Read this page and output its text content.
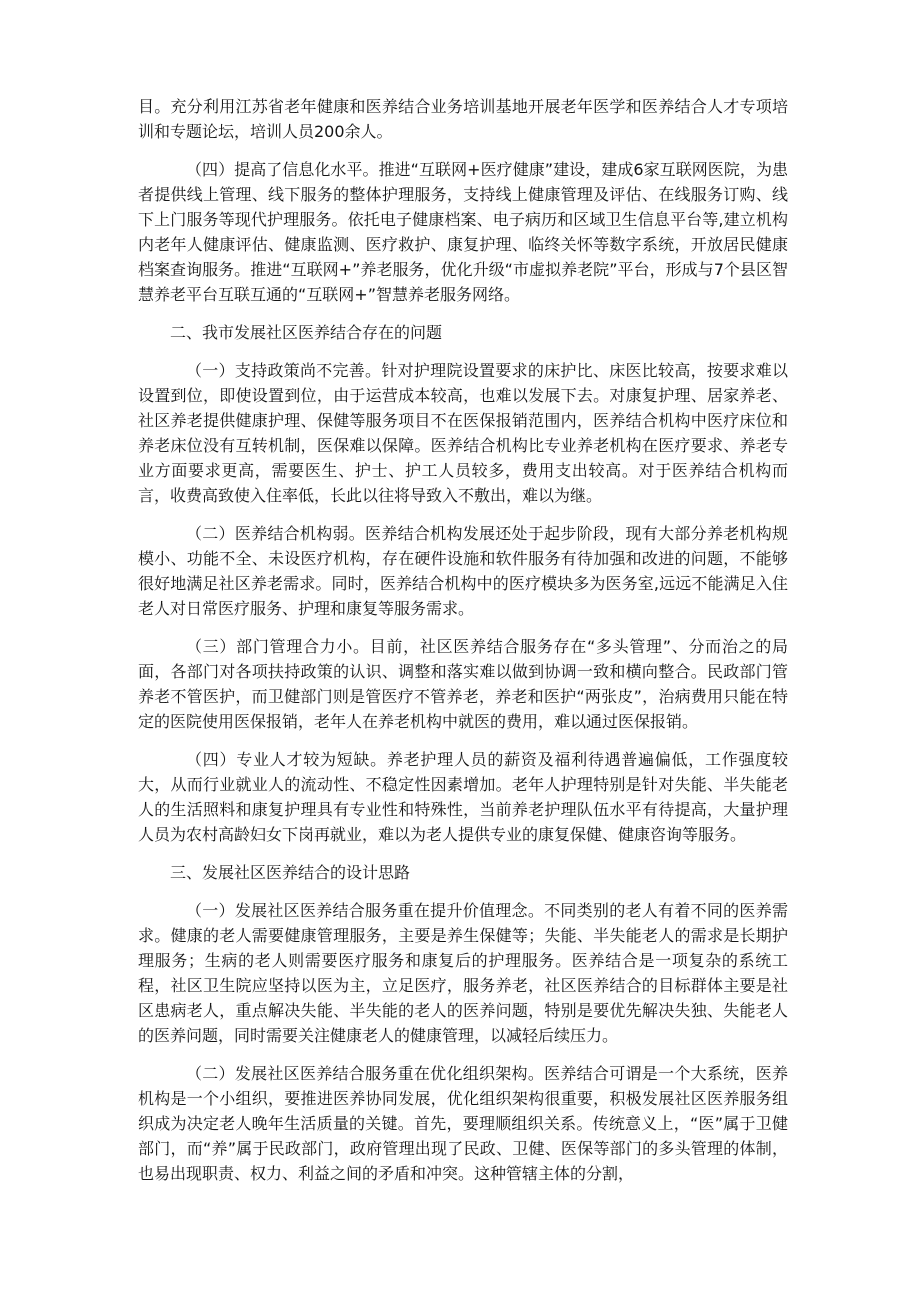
目。充分利用江苏省老年健康和医养结合业务培训基地开展老年医学和医养结合人才专项培训和专题论坛，培训人员200余人。

（四）提高了信息化水平。推进“互联网+医疗健康”建设，建成6家互联网医院，为患者提供线上管理、线下服务的整体护理服务，支持线上健康管理及评估、在线服务订购、线下上门服务等现代护理服务。依托电子健康档案、电子病历和区域卫生信息平台等,建立机构内老年人健康评估、健康监测、医疗救护、康复护理、临终关怀等数字系统，开放居民健康档案查询服务。推进“互联网+”养老服务，优化升级“市虚拟养老院”平台，形成与7个县区智慧养老平台互联互通的“互联网+”智慧养老服务网络。

二、我市发展社区医养结合存在的问题

（一）支持政策尚不完善。针对护理院设置要求的床护比、床医比较高，按要求难以设置到位，即使设置到位，由于运营成本较高，也难以发展下去。对康复护理、居家养老、社区养老提供健康护理、保健等服务项目不在医保报销范围内，医养结合机构中医疗床位和养老床位没有互转机制，医保难以保障。医养结合机构比专业养老机构在医疗要求、养老专业方面要求更高，需要医生、护士、护工人员较多，费用支出较高。对于医养结合机构而言，收费高致使入住率低，长此以往将导致入不敷出，难以为继。

（二）医养结合机构弱。医养结合机构发展还处于起步阶段，现有大部分养老机构规模小、功能不全、未设医疗机构，存在硬件设施和软件服务有待加强和改进的问题，不能够很好地满足社区养老需求。同时，医养结合机构中的医疗模块多为医务室,远远不能满足入住老人对日常医疗服务、护理和康复等服务需求。

（三）部门管理合力小。目前，社区医养结合服务存在“多头管理”、分而治之的局面，各部门对各项扶持政策的认识、调整和落实难以做到协调一致和横向整合。民政部门管养老不管医护，而卫健部门则是管医疗不管养老，养老和医护“两张皮”，治病费用只能在特定的医院使用医保报销，老年人在养老机构中就医的费用，难以通过医保报销。

（四）专业人才较为短缺。养老护理人员的薪资及福利待遇普遍偏低，工作强度较大，从而行业就业人的流动性、不稳定性因素增加。老年人护理特别是针对失能、半失能老人的生活照料和康复护理具有专业性和特殊性，当前养老护理队伍水平有待提高，大量护理人员为农村高龄妇女下岗再就业，难以为老人提供专业的康复保健、健康咨询等服务。

三、发展社区医养结合的设计思路

（一）发展社区医养结合服务重在提升价值理念。不同类别的老人有着不同的医养需求。健康的老人需要健康管理服务，主要是养生保健等；失能、半失能老人的需求是长期护理服务；生病的老人则需要医疗服务和康复后的护理服务。医养结合是一项复杂的系统工程，社区卫生院应坚持以医为主，立足医疗，服务养老，社区医养结合的目标群体主要是社区患病老人，重点解决失能、半失能的老人的医养问题，特别是要优先解决失独、失能老人的医养问题，同时需要关注健康老人的健康管理，以减轻后续压力。

（二）发展社区医养结合服务重在优化组织架构。医养结合可谓是一个大系统，医养机构是一个小组织，要推进医养协同发展，优化组织架构很重要，积极发展社区医养服务组织成为决定老人晚年生活质量的关键。首先，要理顺组织关系。传统意义上，“医”属于卫健部门，而“养”属于民政部门，政府管理出现了民政、卫健、医保等部门的多头管理的体制，也易出现职责、权力、利益之间的矛盾和冲突。这种管辖主体的分割，
